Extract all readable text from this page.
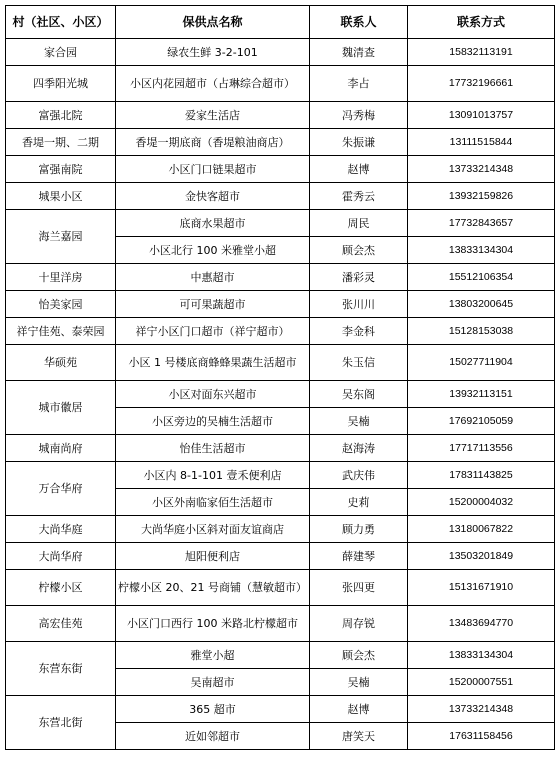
村（社区、小区）	保供点名称	联系人	联系方式
家合园	绿农生鲜 3-2-101	魏清查	15832113191
四季阳光城	小区内花园超市（占琳综合超市）	李占	17732196661
富强北院	爱家生活店	冯秀梅	13091013757
香堤一期、二期	香堤一期底商（香堤粮油商店）	朱振谦	13111515844
富强南院	小区门口链果超市	赵博	13733214348
城果小区	金快客超市	霍秀云	13932159826
海兰嘉园	底商水果超市	周民	17732843657
	小区北行 100 米雅堂小超	顾会杰	13833134304
十里洋房	中惠超市	潘彩灵	15512106354
怡美家园	可可果蔬超市	张川川	13803200645
祥宁佳苑、泰荣园	祥宁小区门口超市（祥宁超市）	李金科	15128153038
华硕苑	小区 1 号楼底商蜂蜂果蔬生活超市	朱玉信	15027711904
城市徽居	小区对面东兴超市	吴东阁	13932113151
	小区旁边的吴楠生活超市	吴楠	17692105059
城南尚府	怡佳生活超市	赵海涛	17717113556
万合华府	小区内 8-1-101 壹禾便利店	武庆伟	17831143825
	小区外南临家佰生活超市	史莉	15200004032
大尚华庭	大尚华庭小区斜对面友谊商店	顾力勇	13180067822
大尚华府	旭阳便利店	薛建琴	13503201849
柠檬小区	柠檬小区 20、21 号商铺（慧敏超市）	张四更	15131671910
高宏佳苑	小区门口西行 100 米路北柠檬超市	周存锐	13483694770
东营东街	雅堂小超	顾会杰	13833134304
	吴南超市	吴楠	15200007551
东营北街	365 超市	赵博	13733214348
	近如邻超市	唐笑天	17631158456
